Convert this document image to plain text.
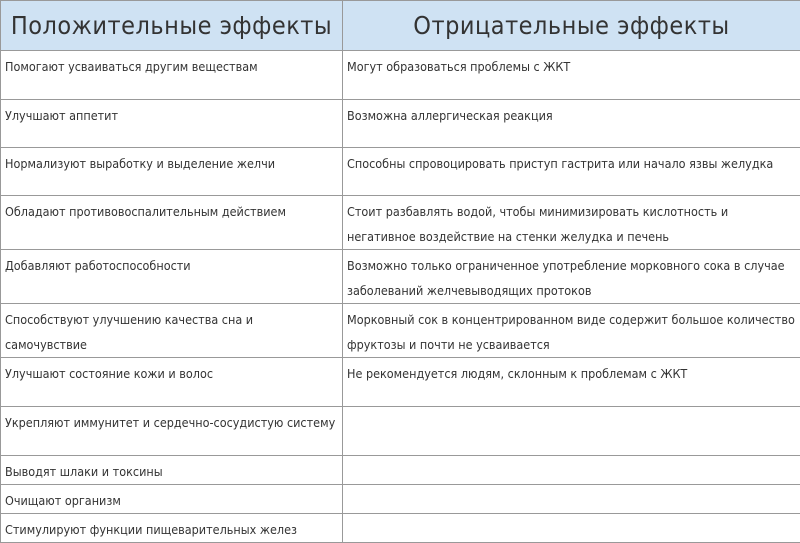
Положительные эффекты	Отрицательные эффекты
Помогают усваиваться другим веществам	Могут образоваться проблемы с ЖКТ
Улучшают аппетит	Возможна аллергическая реакция
Нормализуют выработку и выделение желчи	Способны спровоцировать приступ гастрита или начало язвы желудка
Обладают противовоспалительным действием	Стоит разбавлять водой, чтобы минимизировать кислотность и негативное воздействие на стенки желудка и печень
Добавляют работоспособности	Возможно только ограниченное употребление морковного сока в случае заболеваний желчевыводящих протоков
Способствуют улучшению качества сна и самочувствие	Морковный сок в концентрированном виде содержит большое количество фруктозы и почти не усваивается
Улучшают состояние кожи и волос	Не рекомендуется людям, склонным к проблемам с ЖКТ
Укрепляют иммунитет и сердечно-сосудистую систему	
Выводят шлаки и токсины	
Очищают организм	
Стимулируют функции пищеварительных желез	
